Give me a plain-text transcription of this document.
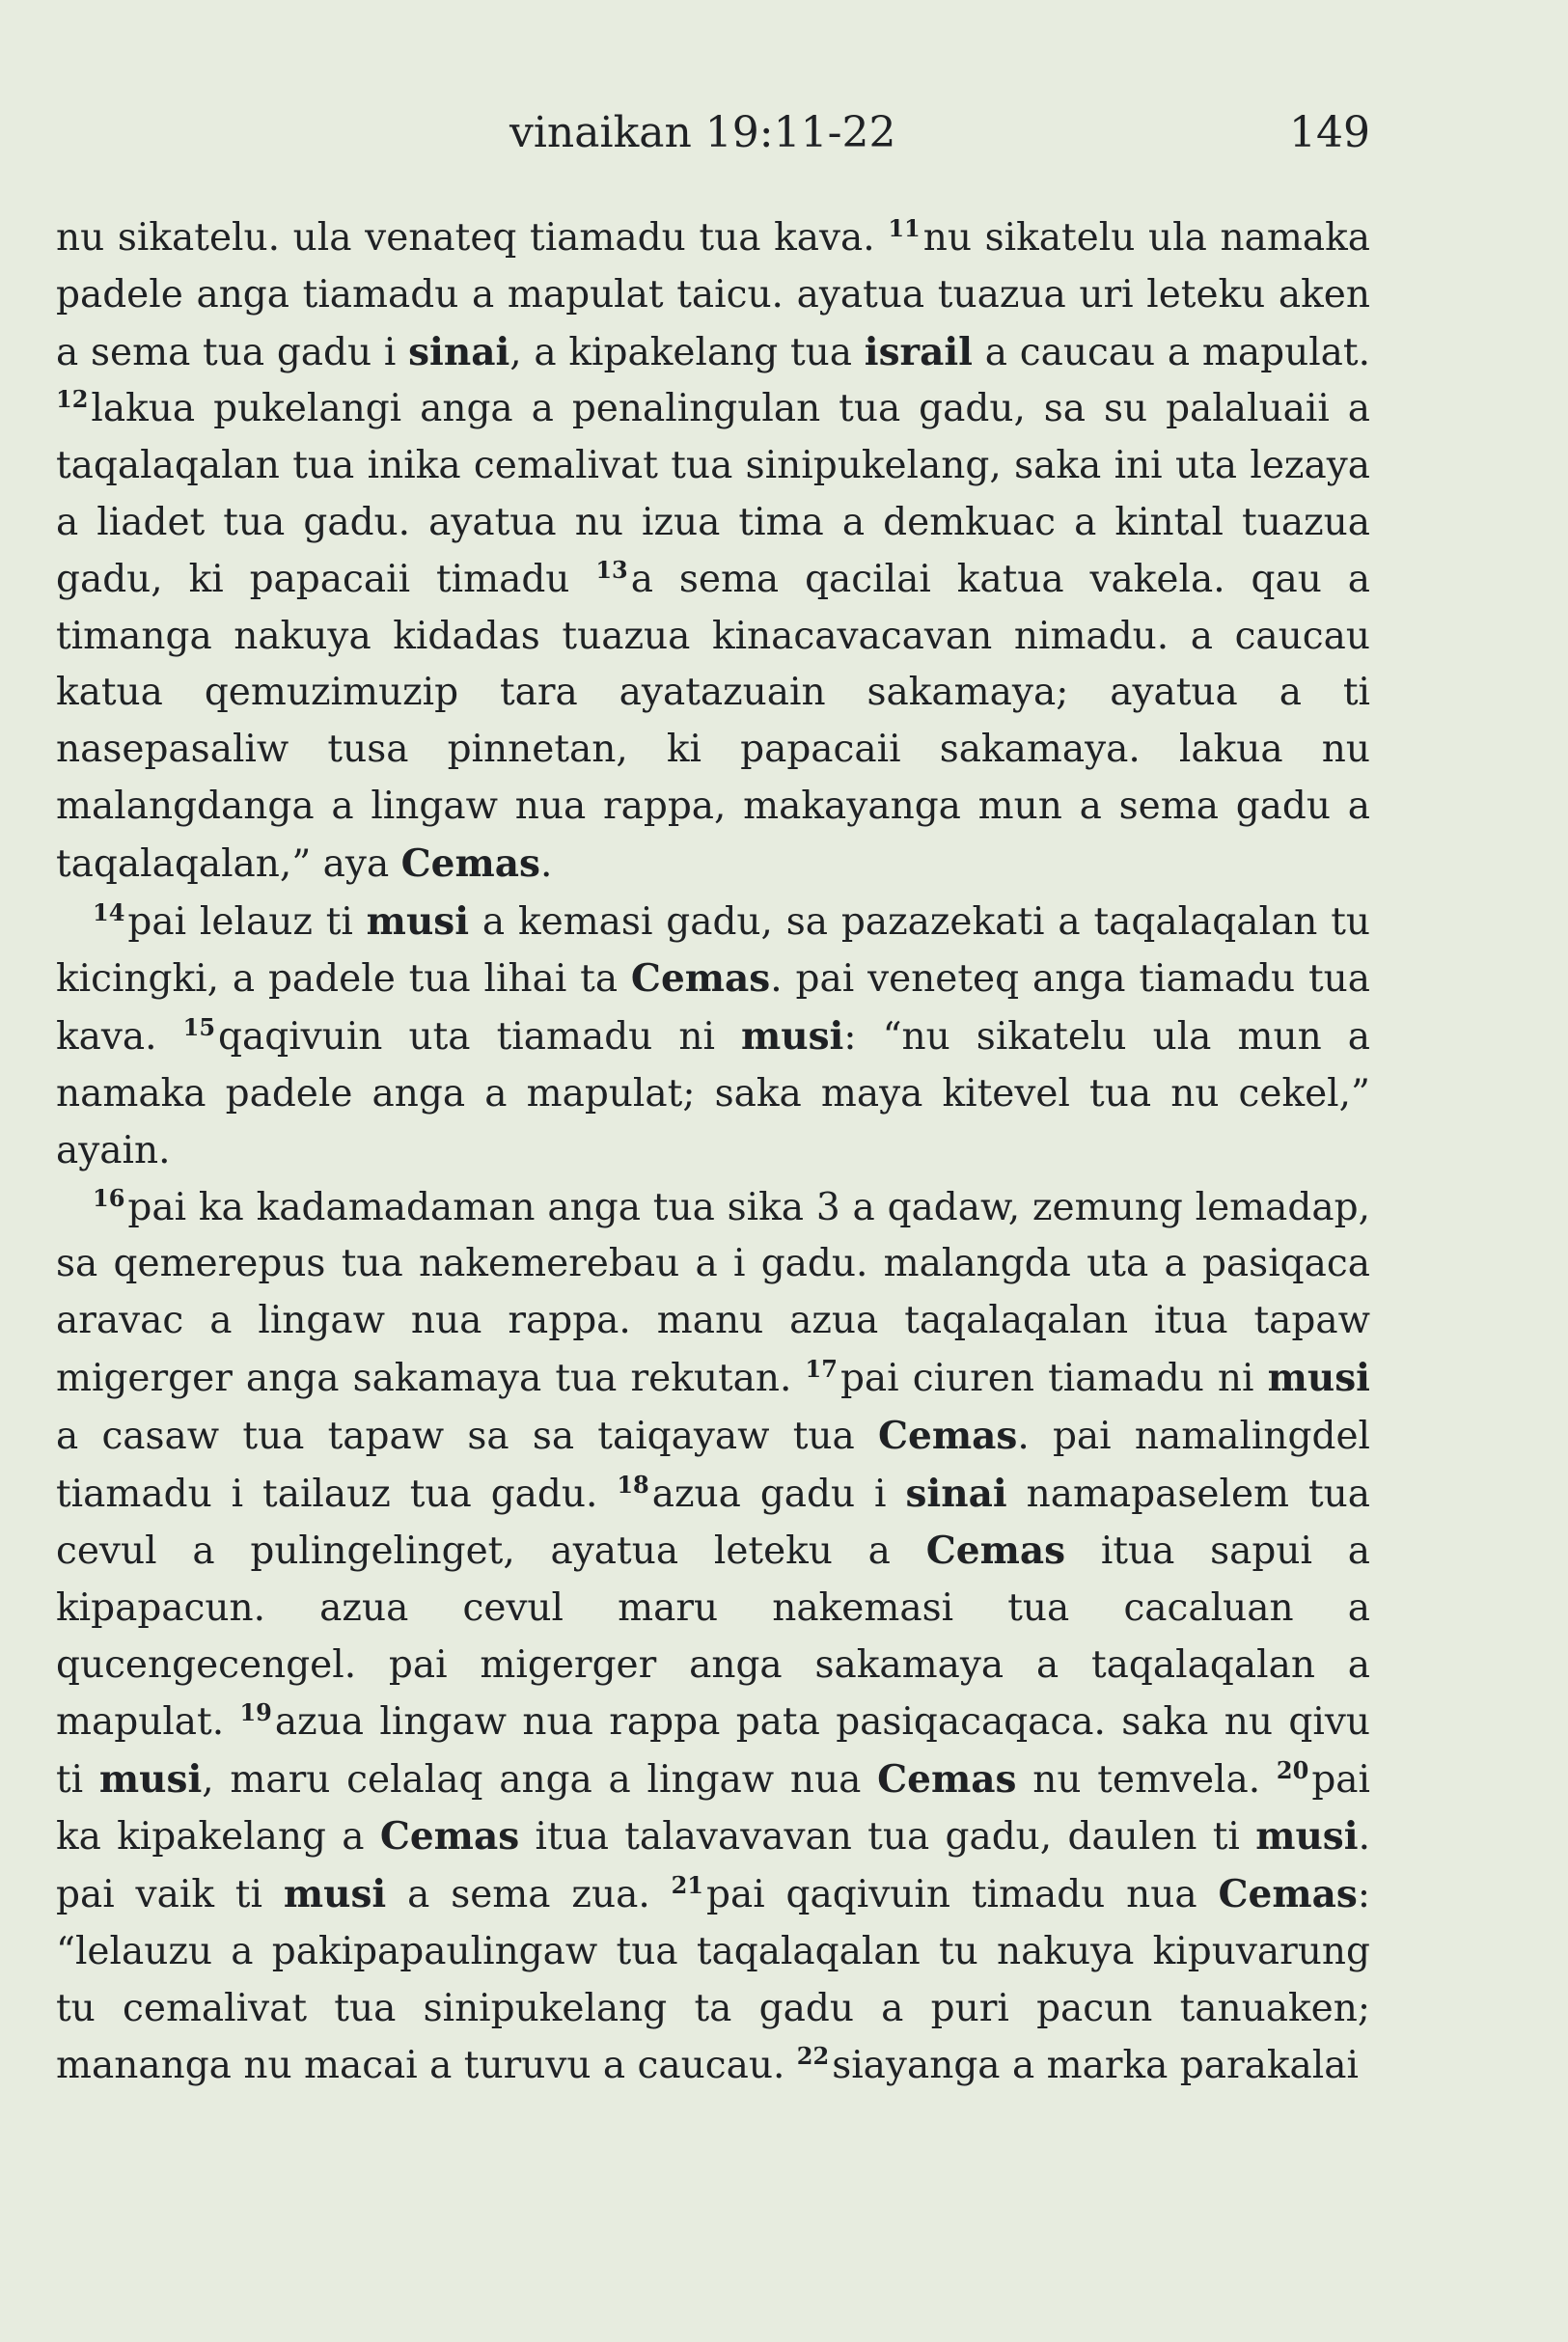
vinaikan 19:11-22	149

nu sikatelu. ula venateq tiamadu tua kava. $^{11}$nu sikatelu ula namaka padele anga tiamadu a mapulat taicu. ayatua tuazua uri leteku aken a sema tua gadu i sinai, a kipakelang tua israil a caucau a mapulat. $^{12}$lakua pukelangi anga a penalingulan tua gadu, sa su palaluaii a taqalaqalan tua inika cemalivat tua sinipukelang, saka ini uta lezaya a liadet tua gadu. ayatua nu izua tima a demkuac a kintal tuazua gadu, ki papacaii timadu $^{13}$a sema qacilai katua vakela. qau a timanga nakuya kidadas tuazua kinacavacavan nimadu. a caucau katua qemuzimuzip tara ayatazuain sakamaya; ayatua a ti nasepasaliw tusa pinnetan, ki papacaii sakamaya. lakua nu malangdanga a lingaw nua rappa, makayanga mun a sema gadu a taqalaqalan,” aya Cemas.

$^{14}$pai lelauz ti musi a kemasi gadu, sa pazazekati a taqalaqalan tu kicingki, a padele tua lihai ta Cemas. pai veneteq anga tiamadu tua kava. $^{15}$qaqivuin uta tiamadu ni musi: “nu sikatelu ula mun a namaka padele anga a mapulat; saka maya kitevel tua nu cekel,” ayain.

$^{16}$pai ka kadamadaman anga tua sika 3 a qadaw, zemung lemadap, sa qemerepus tua nakemerebau a i gadu. malangda uta a pasiqaca aravac a lingaw nua rappa. manu azua taqalaqalan itua tapaw migerger anga sakamaya tua rekutan. $^{17}$pai ciuren tiamadu ni musi a casaw tua tapaw sa sa taiqayaw tua Cemas. pai namalingdel tiamadu i tailauz tua gadu. $^{18}$azua gadu i sinai namapaselem tua cevul a pulingelinget, ayatua leteku a Cemas itua sapui a kipapacun. azua cevul maru nakemasi tua cacaluan a qucengecengel. pai migerger anga sakamaya a taqalaqalan a mapulat. $^{19}$azua lingaw nua rappa pata pasiqacaqaca. saka nu qivu ti musi, maru celalaq anga a lingaw nua Cemas nu temvela. $^{20}$pai ka kipakelang a Cemas itua talavavavan tua gadu, daulen ti musi. pai vaik ti musi a sema zua. $^{21}$pai qaqivuin timadu nua Cemas: “lelauzu a pakipapaulingaw tua taqalaqalan tu nakuya kipuvarung tu cemalivat tua sinipukelang ta gadu a puri pacun tanuaken; mananga nu macai a turuvu a caucau. $^{22}$siayanga a marka parakalai
